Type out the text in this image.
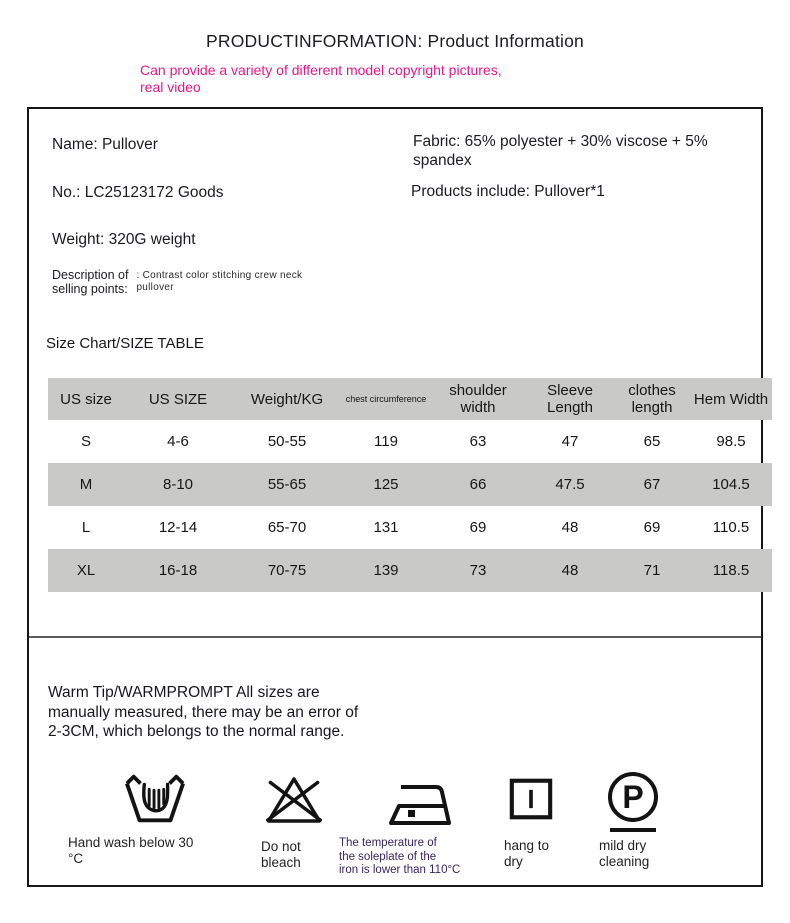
PRODUCTINFORMATION: Product Information
Can provide a variety of different model copyright pictures,
real video
Name: Pullover
No.: LC25123172 Goods
Weight: 320G weight
Fabric: 65% polyester + 30% viscose + 5%
spandex
Products include: Pullover*1
Description of
selling points:
: Contrast color stitching crew neck
pullover
Size Chart/SIZE TABLE
US size	US SIZE	Weight/KG	chest circumference	shoulder width	Sleeve Length	clothes length	Hem Width
S	4-6	50-55	119	63	47	65	98.5
M	8-10	55-65	125	66	47.5	67	104.5
L	12-14	65-70	131	69	48	69	110.5
XL	16-18	70-75	139	73	48	71	118.5
Warm Tip/WARMPROMPT All sizes are
manually measured, there may be an error of
2-3CM, which belongs to the normal range.
Hand wash below 30
°C
Do not
bleach
The temperature of
the soleplate of the
iron is lower than 110°C
hang to
dry
P
mild dry
cleaning
